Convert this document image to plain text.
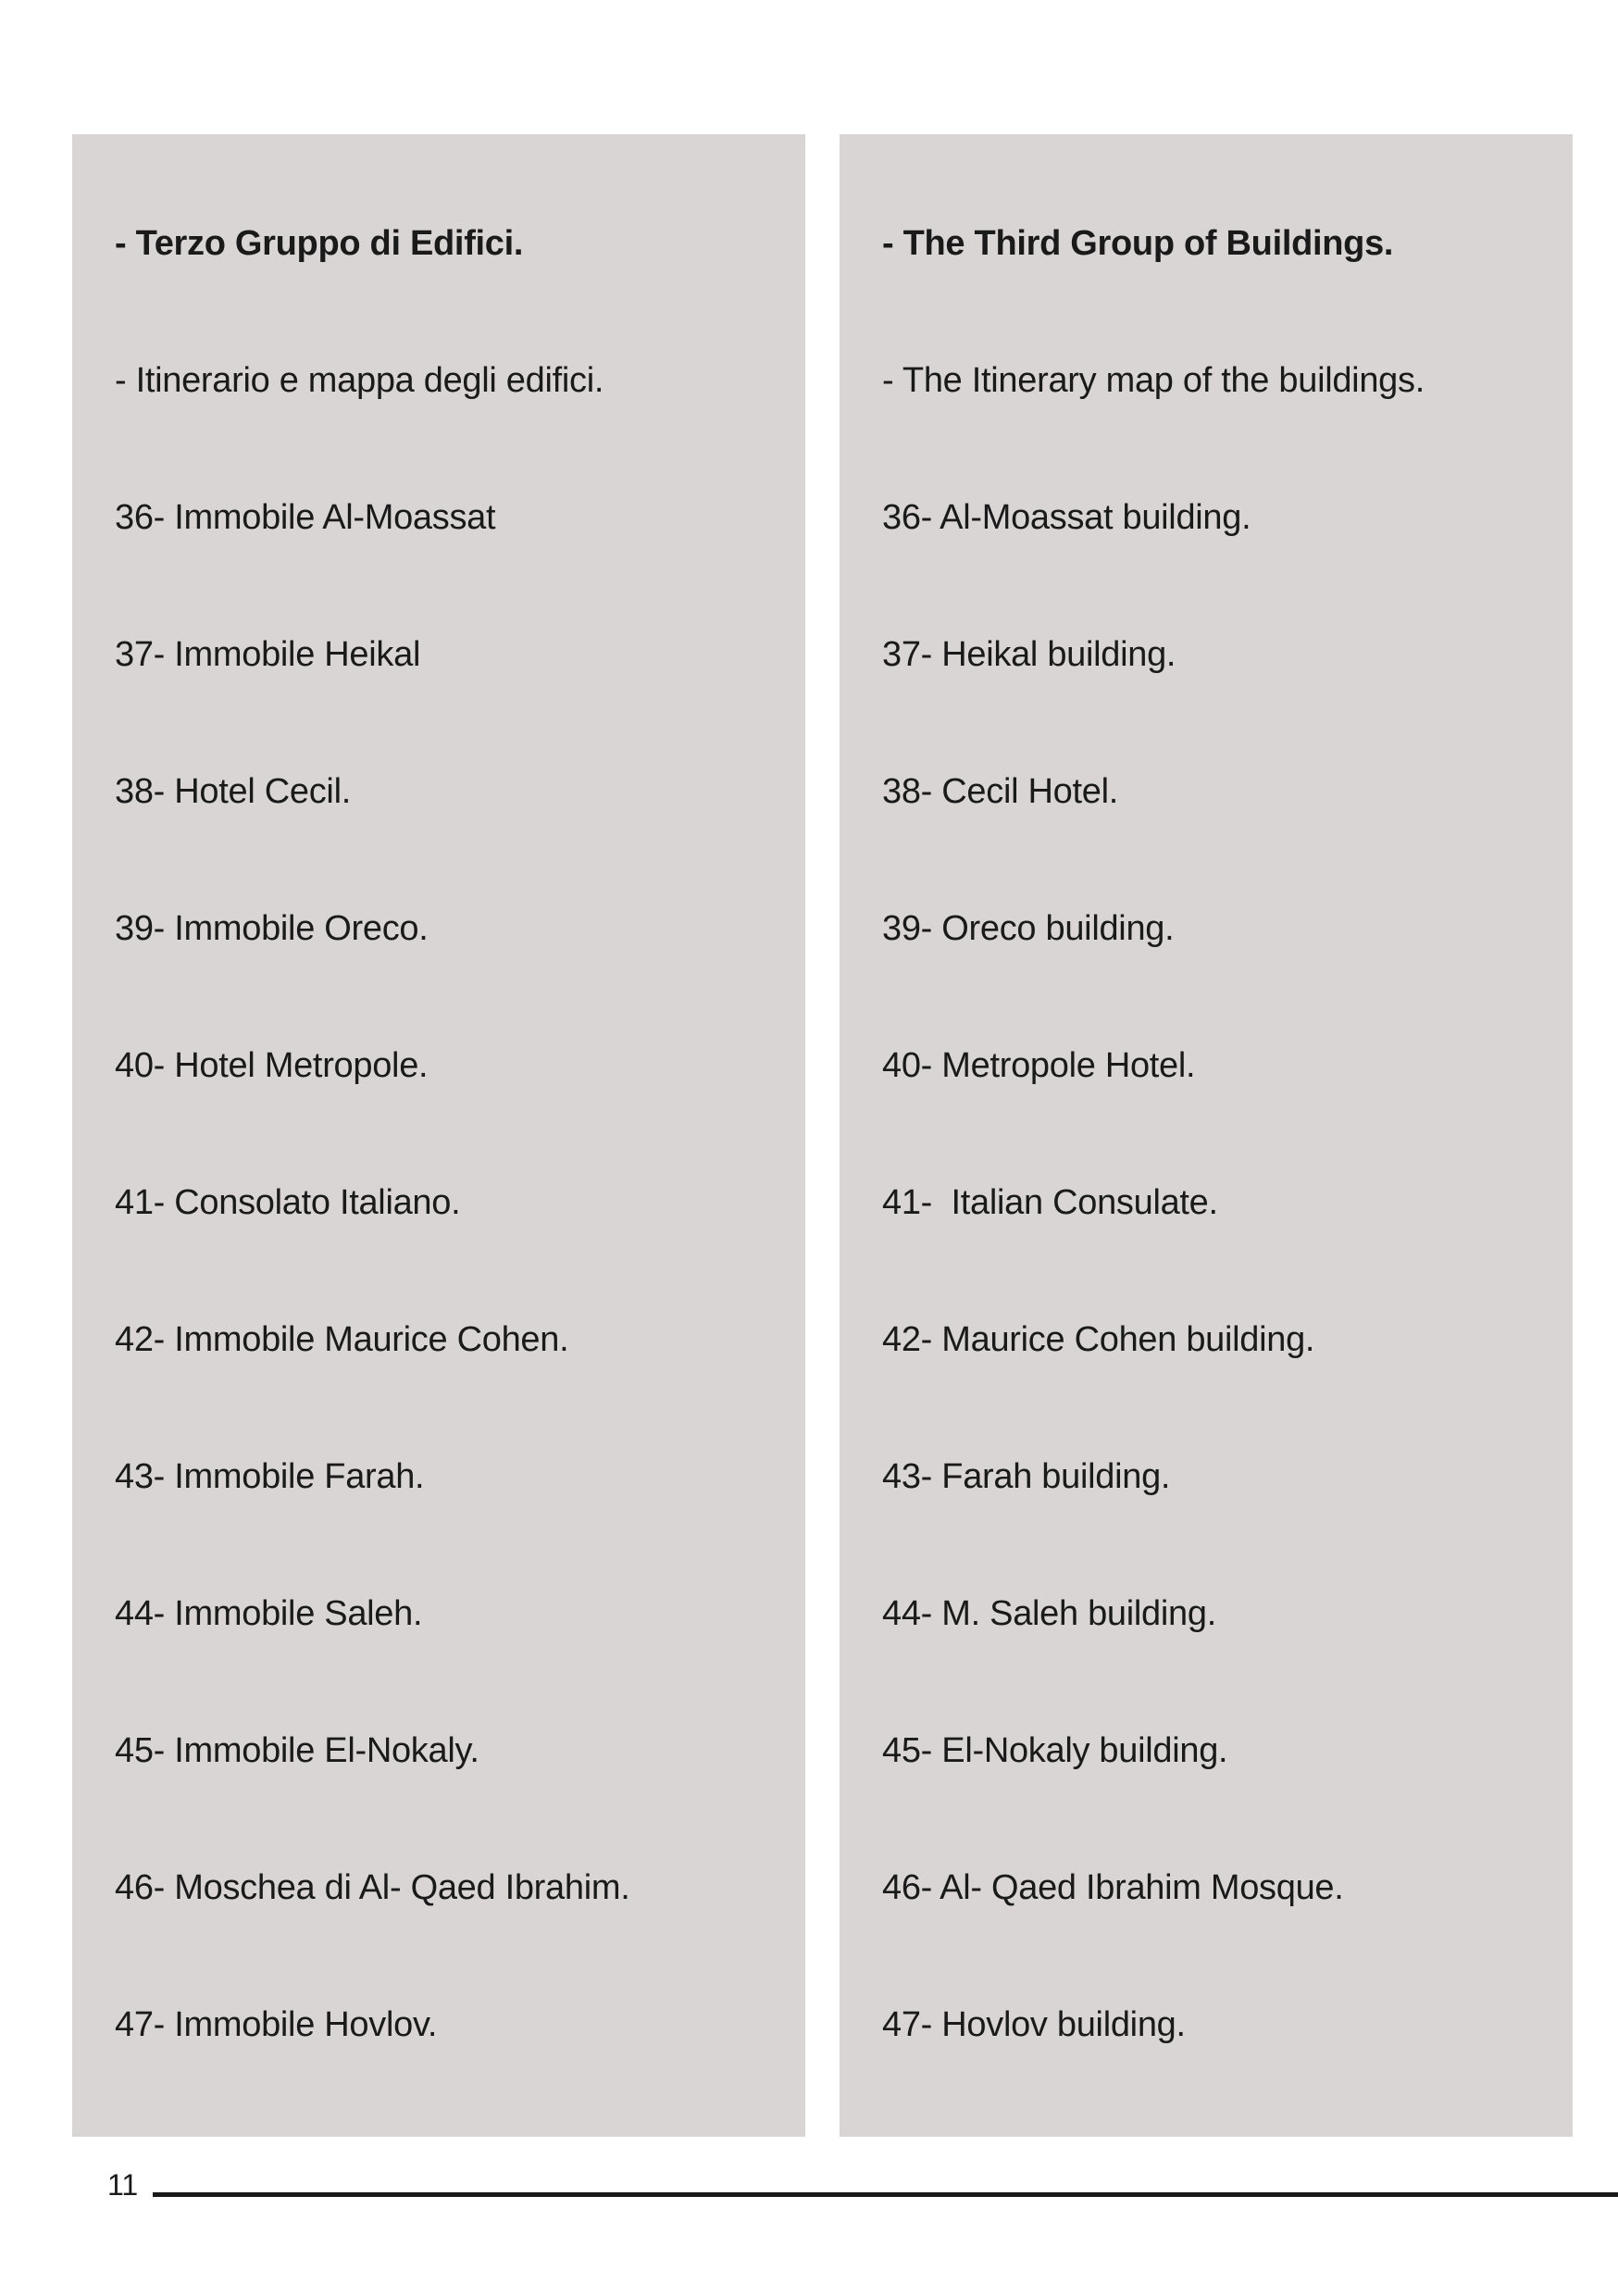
- Terzo Gruppo di Edifici.
- Itinerario e mappa degli edifici.
36- Immobile Al-Moassat
37- Immobile Heikal
38- Hotel Cecil.
39- Immobile Oreco.
40- Hotel Metropole.
41- Consolato Italiano.
42- Immobile Maurice Cohen.
43- Immobile Farah.
44- Immobile Saleh.
45- Immobile El-Nokaly.
46- Moschea di Al- Qaed Ibrahim.
47- Immobile Hovlov.
- The Third Group of Buildings.
- The Itinerary map of the buildings.
36- Al-Moassat building.
37- Heikal building.
38- Cecil Hotel.
39- Oreco building.
40- Metropole Hotel.
41-  Italian Consulate.
42- Maurice Cohen building.
43- Farah building.
44- M. Saleh building.
45- El-Nokaly building.
46- Al- Qaed Ibrahim Mosque.
47- Hovlov building.
11
